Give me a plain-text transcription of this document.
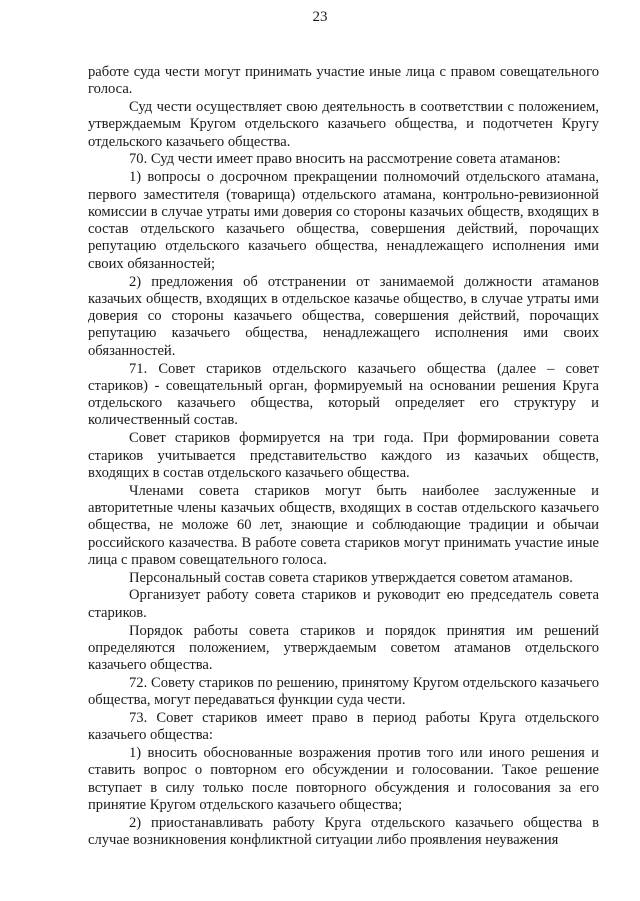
23

работе суда чести могут принимать участие иные лица с правом совещательного голоса.

Суд чести осуществляет свою деятельность в соответствии с положением, утверждаемым Кругом отдельского казачьего общества, и подотчетен Кругу отдельского казачьего общества.

70. Суд чести имеет право вносить на рассмотрение совета атаманов:

1) вопросы о досрочном прекращении полномочий отдельского атамана, первого заместителя (товарища) отдельского атамана, контрольно-ревизионной комиссии в случае утраты ими доверия со стороны казачьих обществ, входящих в состав отдельского казачьего общества, совершения действий, порочащих репутацию отдельского казачьего общества, ненадлежащего исполнения ими своих обязанностей;

2) предложения об отстранении от занимаемой должности атаманов казачьих обществ, входящих в отдельское казачье общество, в случае утраты ими доверия со стороны казачьего общества, совершения действий, порочащих репутацию казачьего общества, ненадлежащего исполнения ими своих обязанностей.

71. Совет стариков отдельского казачьего общества (далее – совет стариков) - совещательный орган, формируемый на основании решения Круга отдельского казачьего общества, который определяет его структуру и количественный состав.

Совет стариков формируется на три года. При формировании совета стариков учитывается представительство каждого из казачьих обществ, входящих в состав отдельского казачьего общества.

Членами совета стариков могут быть наиболее заслуженные и авторитетные члены казачьих обществ, входящих в состав отдельского казачьего общества, не моложе 60 лет, знающие и соблюдающие традиции и обычаи российского казачества. В работе совета стариков могут принимать участие иные лица с правом совещательного голоса.

Персональный состав совета стариков утверждается советом атаманов.

Организует работу совета стариков и руководит ею председатель совета стариков.

Порядок работы совета стариков и порядок принятия им решений определяются положением, утверждаемым советом атаманов отдельского казачьего общества.

72. Совету стариков по решению, принятому Кругом отдельского казачьего общества, могут передаваться функции суда чести.

73. Совет стариков имеет право в период работы Круга отдельского казачьего общества:

1) вносить обоснованные возражения против того или иного решения и ставить вопрос о повторном его обсуждении и голосовании. Такое решение вступает в силу только после повторного обсуждения и голосования за его принятие Кругом отдельского казачьего общества;

2) приостанавливать работу Круга отдельского казачьего общества в случае возникновения конфликтной ситуации либо проявления неуважения
